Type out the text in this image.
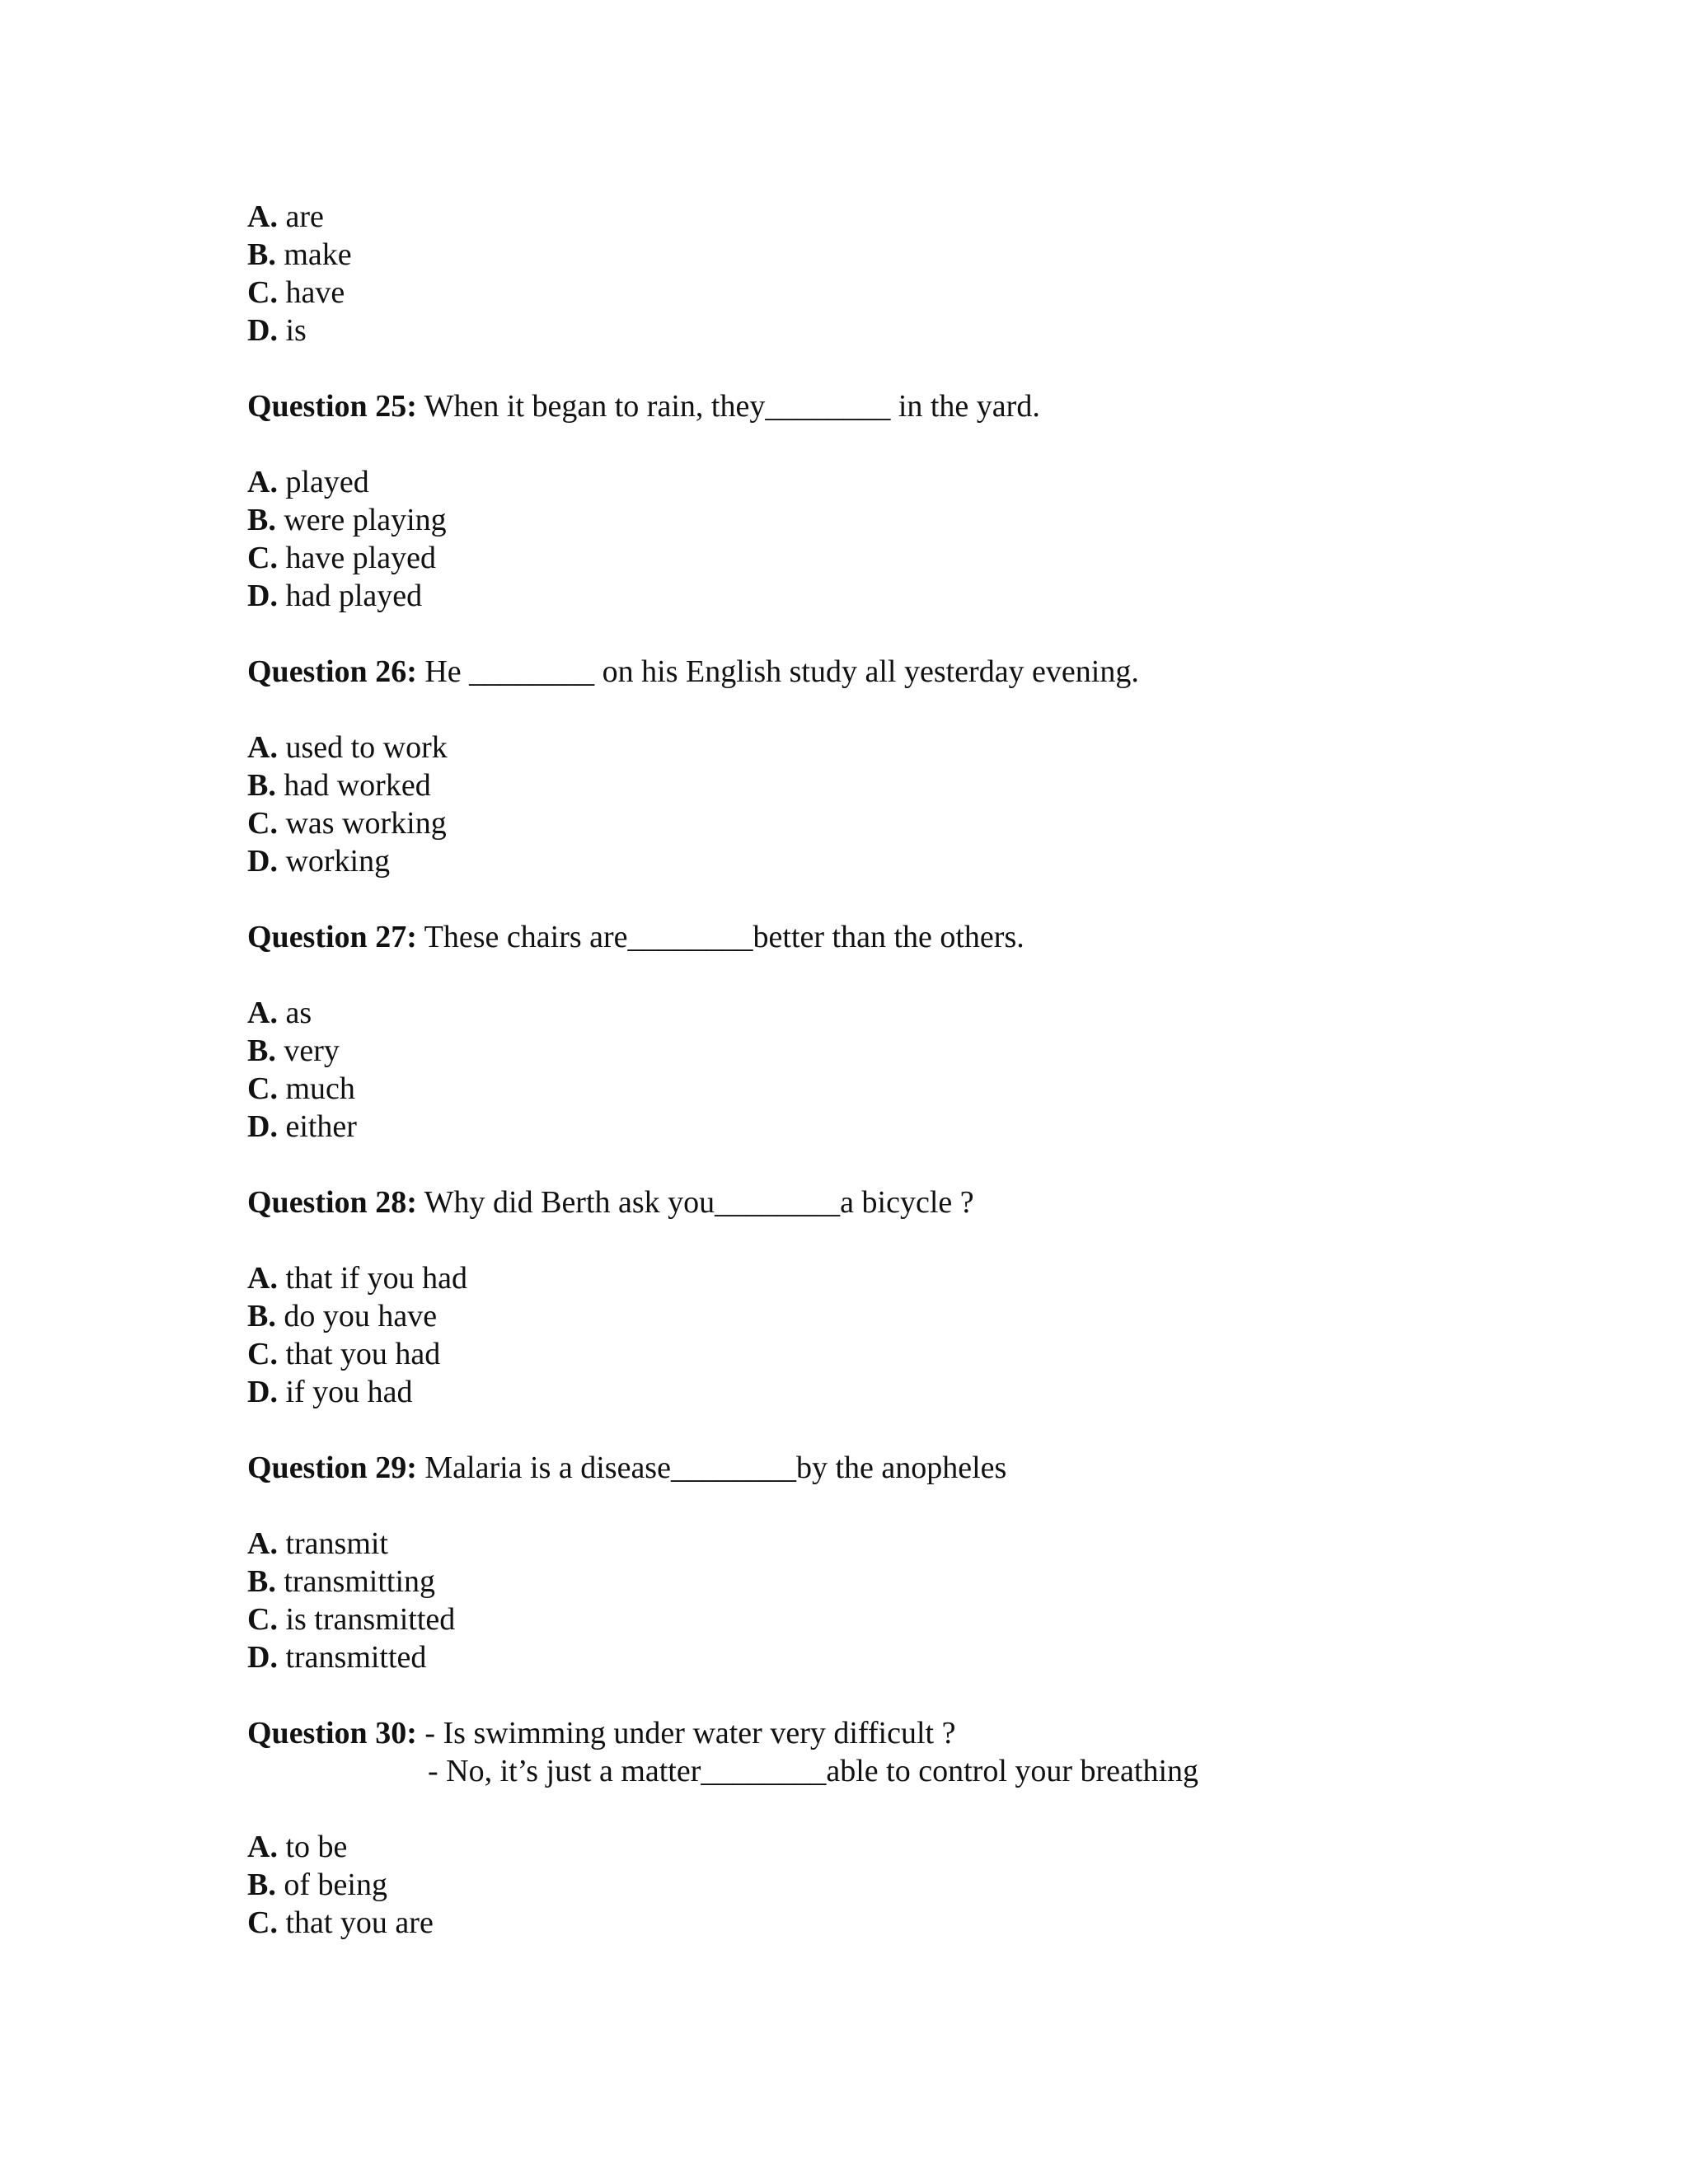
A. are
B. make
C. have
D. is
Question 25: When it began to rain, they________ in the yard.
A. played
B. were playing
C. have played
D. had played
Question 26: He ________ on his English study all yesterday evening.
A. used to work
B. had worked
C. was working
D. working
Question 27: These chairs are________better than the others.
A. as
B. very
C. much
D. either
Question 28: Why did Berth ask you________a bicycle ?
A. that if you had
B. do you have
C. that you had
D. if you had
Question 29: Malaria is a disease________by the anopheles
A. transmit
B. transmitting
C. is transmitted
D. transmitted
Question 30: - Is swimming under water very difficult ?
- No, it’s just a matter________able to control your breathing
A. to be
B. of being
C. that you are
